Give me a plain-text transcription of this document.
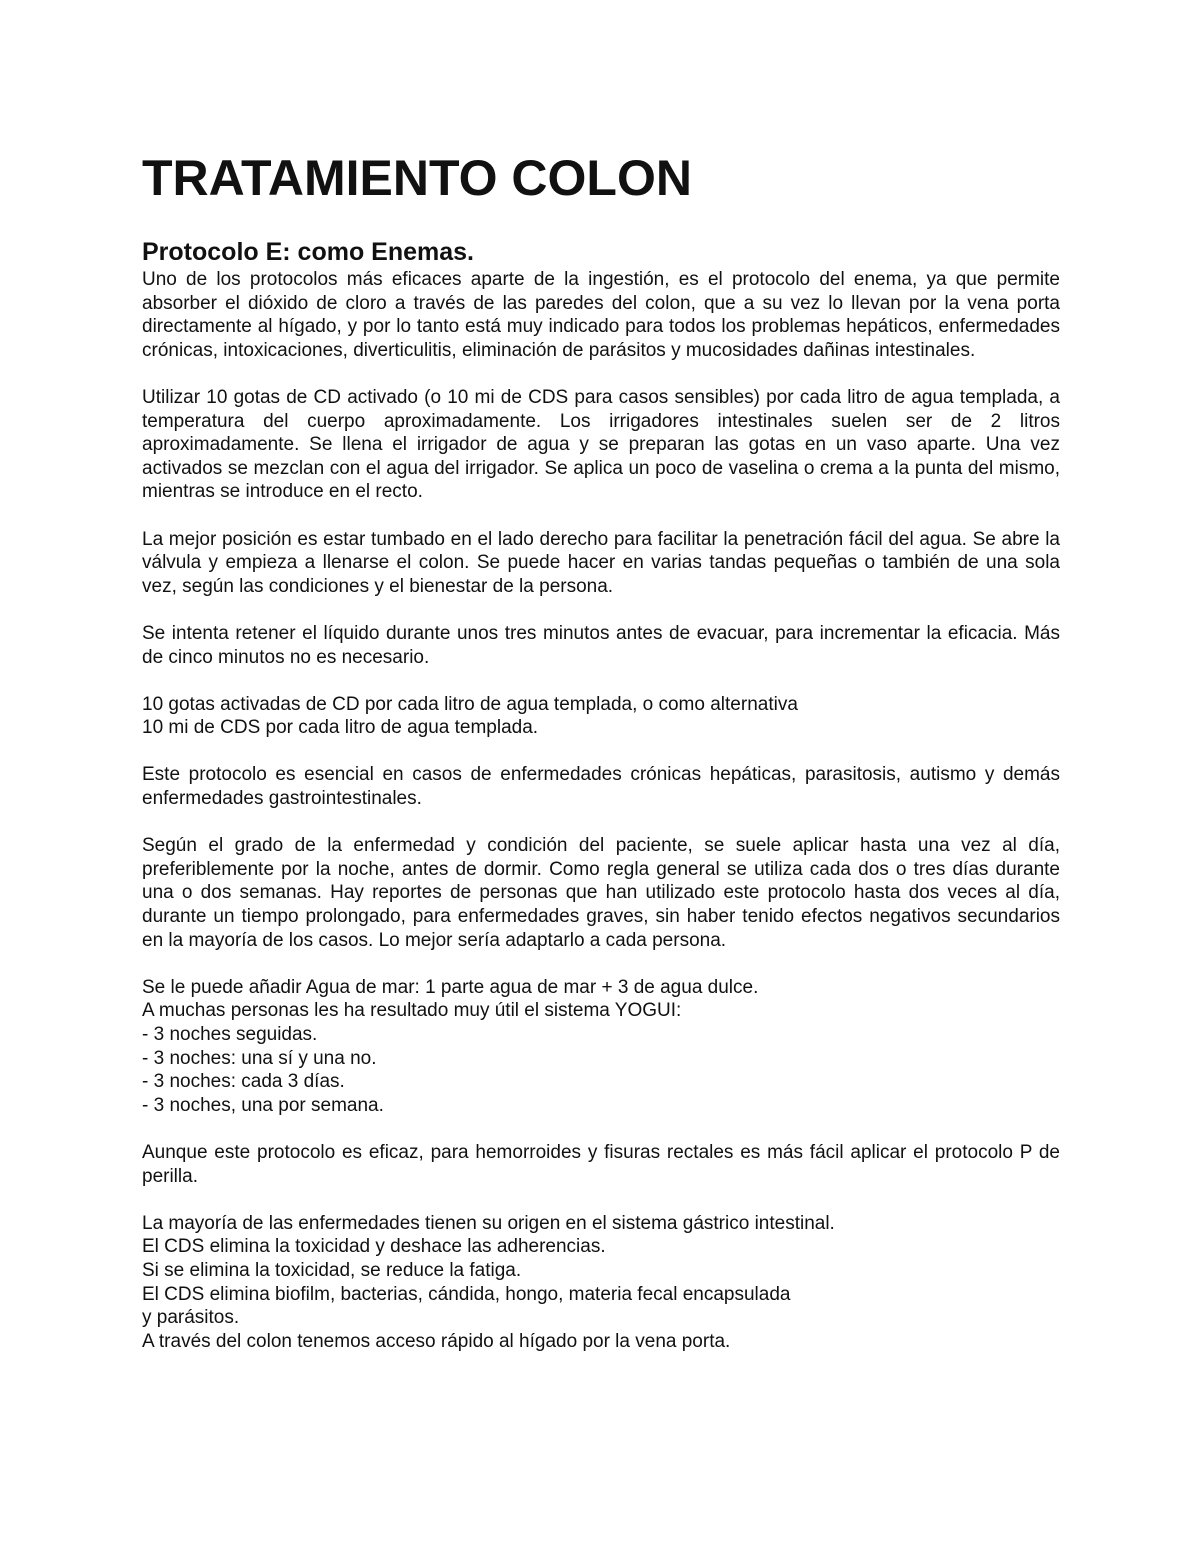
TRATAMIENTO COLON
Protocolo E: como Enemas.

Uno de los protocolos más eficaces aparte de la ingestión, es el protocolo del enema, ya que permite absorber el dióxido de cloro a través de las paredes del colon, que a su vez lo llevan por la vena porta directamente al hígado, y por lo tanto está muy indicado para todos los problemas hepáticos, enfermedades crónicas, intoxicaciones, diverticulitis, eliminación de parásitos y mucosidades dañinas intestinales.

Utilizar 10 gotas de CD activado (o 10 mi de CDS para casos sensibles) por cada litro de agua templada, a temperatura del cuerpo aproximadamente. Los irrigadores intestinales suelen ser de 2 litros aproximadamente. Se llena el irrigador de agua y se preparan las gotas en un vaso aparte. Una vez activados se mezclan con el agua del irrigador. Se aplica un poco de vaselina o crema a la punta del mismo, mientras se introduce en el recto.

La mejor posición es estar tumbado en el lado derecho para facilitar la penetración fácil del agua. Se abre la válvula y empieza a llenarse el colon. Se puede hacer en varias tandas pequeñas o también de una sola vez, según las condiciones y el bienestar de la persona.

Se intenta retener el líquido durante unos tres minutos antes de evacuar, para incrementar la eficacia. Más de cinco minutos no es necesario.

10 gotas activadas de CD por cada litro de agua templada, o como alternativa
10 mi de CDS por cada litro de agua templada.

Este protocolo es esencial en casos de enfermedades crónicas hepáticas, parasitosis, autismo y demás enfermedades gastrointestinales.

Según el grado de la enfermedad y condición del paciente, se suele aplicar hasta una vez al día, preferiblemente por la noche, antes de dormir. Como regla general se utiliza cada dos o tres días durante una o dos semanas. Hay reportes de personas que han utilizado este protocolo hasta dos veces al día, durante un tiempo prolongado, para enfermedades graves, sin haber tenido efectos negativos secundarios en la mayoría de los casos. Lo mejor sería adaptarlo a cada persona.

Se le puede añadir Agua de mar: 1 parte agua de mar + 3 de agua dulce.
A muchas personas les ha resultado muy útil el sistema YOGUI:
- 3 noches seguidas.
- 3 noches: una sí y una no.
- 3 noches: cada 3 días.
- 3 noches, una por semana.

Aunque este protocolo es eficaz, para hemorroides y fisuras rectales es más fácil aplicar el protocolo P de perilla.

La mayoría de las enfermedades tienen su origen en el sistema gástrico intestinal.
El CDS elimina la toxicidad y deshace las adherencias.
Si se elimina la toxicidad, se reduce la fatiga.
El CDS elimina biofilm, bacterias, cándida, hongo, materia fecal encapsulada
y parásitos.
A través del colon tenemos acceso rápido al hígado por la vena porta.
